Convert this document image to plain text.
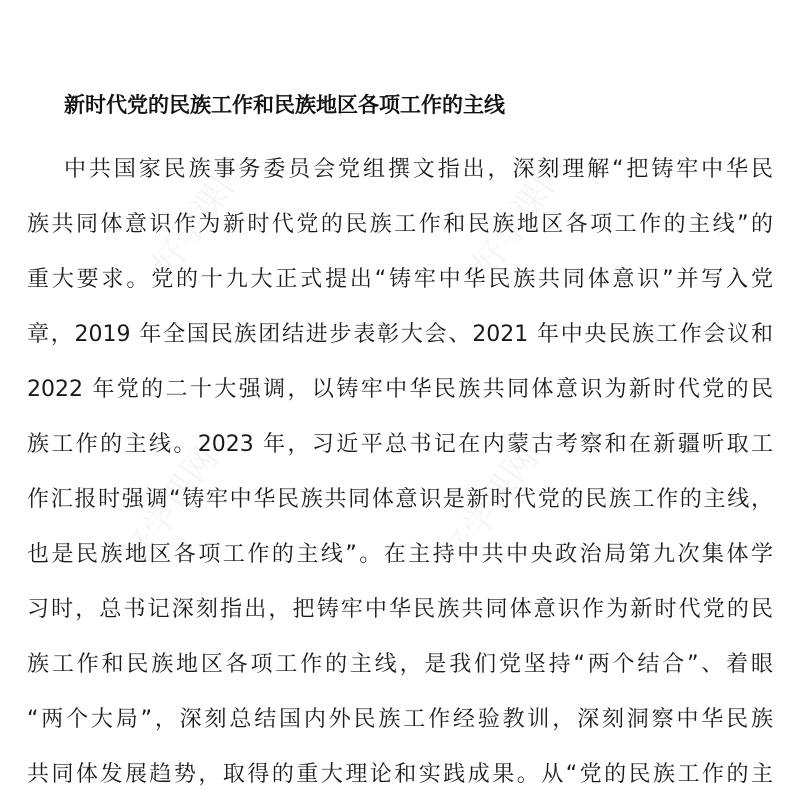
好学课网	好学课网
好学课网	好学课网
新时代党的民族工作和民族地区各项工作的主线
中共国家民族事务委员会党组撰文指出，深刻理解“把铸牢中华民
族共同体意识作为新时代党的民族工作和民族地区各项工作的主线”的
重大要求。党的十九大正式提出“铸牢中华民族共同体意识”并写入党
章，2019 年全国民族团结进步表彰大会、2021 年中央民族工作会议和
2022 年党的二十大强调，以铸牢中华民族共同体意识为新时代党的民
族工作的主线。2023 年，习近平总书记在内蒙古考察和在新疆听取工
作汇报时强调“铸牢中华民族共同体意识是新时代党的民族工作的主线，
也是民族地区各项工作的主线”。在主持中共中央政治局第九次集体学
习时，总书记深刻指出，把铸牢中华民族共同体意识作为新时代党的民
族工作和民族地区各项工作的主线，是我们党坚持“两个结合”、着眼
“两个大局”，深刻总结国内外民族工作经验教训，深刻洞察中华民族
共同体发展趋势，取得的重大理论和实践成果。从“党的民族工作的主
